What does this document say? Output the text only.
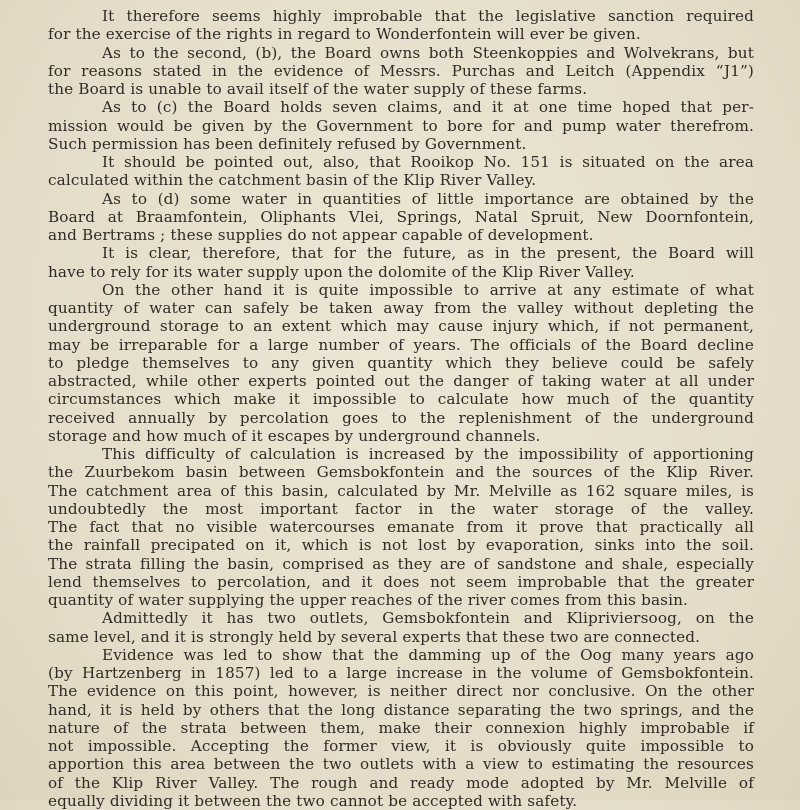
It therefore seems highly improbable that the legislative sanction required
for the exercise of the rights in regard to Wonderfontein will ever be given.
As to the second, (b), the Board owns both Steenkoppies and Wolvekrans, but
for reasons stated in the evidence of Messrs. Purchas and Leitch (Appendix “J1”)
the Board is unable to avail itself of the water supply of these farms.
As to (c) the Board holds seven claims, and it at one time hoped that per-
mission would be given by the Government to bore for and pump water therefrom.
Such permission has been definitely refused by Government.
It should be pointed out, also, that Rooikop No. 151 is situated on the area
calculated within the catchment basin of the Klip River Valley.
As to (d) some water in quantities of little importance are obtained by the
Board at Braamfontein, Oliphants Vlei, Springs, Natal Spruit, New Doornfontein,
and Bertrams ; these supplies do not appear capable of development.
It is clear, therefore, that for the future, as in the present, the Board will
have to rely for its water supply upon the dolomite of the Klip River Valley.
On the other hand it is quite impossible to arrive at any estimate of what
quantity of water can safely be taken away from the valley without depleting the
underground storage to an extent which may cause injury which, if not permanent,
may be irreparable for a large number of years. The officials of the Board decline
to pledge themselves to any given quantity which they believe could be safely
abstracted, while other experts pointed out the danger of taking water at all under
circumstances which make it impossible to calculate how much of the quantity
received annually by percolation goes to the replenishment of the underground
storage and how much of it escapes by underground channels.
This difficulty of calculation is increased by the impossibility of apportioning
the Zuurbekom basin between Gemsbokfontein and the sources of the Klip River.
The catchment area of this basin, calculated by Mr. Melville as 162 square miles, is
undoubtedly the most important factor in the water storage of the valley.
The fact that no visible watercourses emanate from it prove that practically all
the rainfall precipated on it, which is not lost by evaporation, sinks into the soil.
The strata filling the basin, comprised as they are of sandstone and shale, especially
lend themselves to percolation, and it does not seem improbable that the greater
quantity of water supplying the upper reaches of the river comes from this basin.
Admittedly it has two outlets, Gemsbokfontein and Klipriviersoog, on the
same level, and it is strongly held by several experts that these two are connected.
Evidence was led to show that the damming up of the Oog many years ago
(by Hartzenberg in 1857) led to a large increase in the volume of Gemsbokfontein.
The evidence on this point, however, is neither direct nor conclusive. On the other
hand, it is held by others that the long distance separating the two springs, and the
nature of the strata between them, make their connexion highly improbable if
not impossible. Accepting the former view, it is obviously quite impossible to
apportion this area between the two outlets with a view to estimating the resources
of the Klip River Valley. The rough and ready mode adopted by Mr. Melville of
equally dividing it between the two cannot be accepted with safety.
